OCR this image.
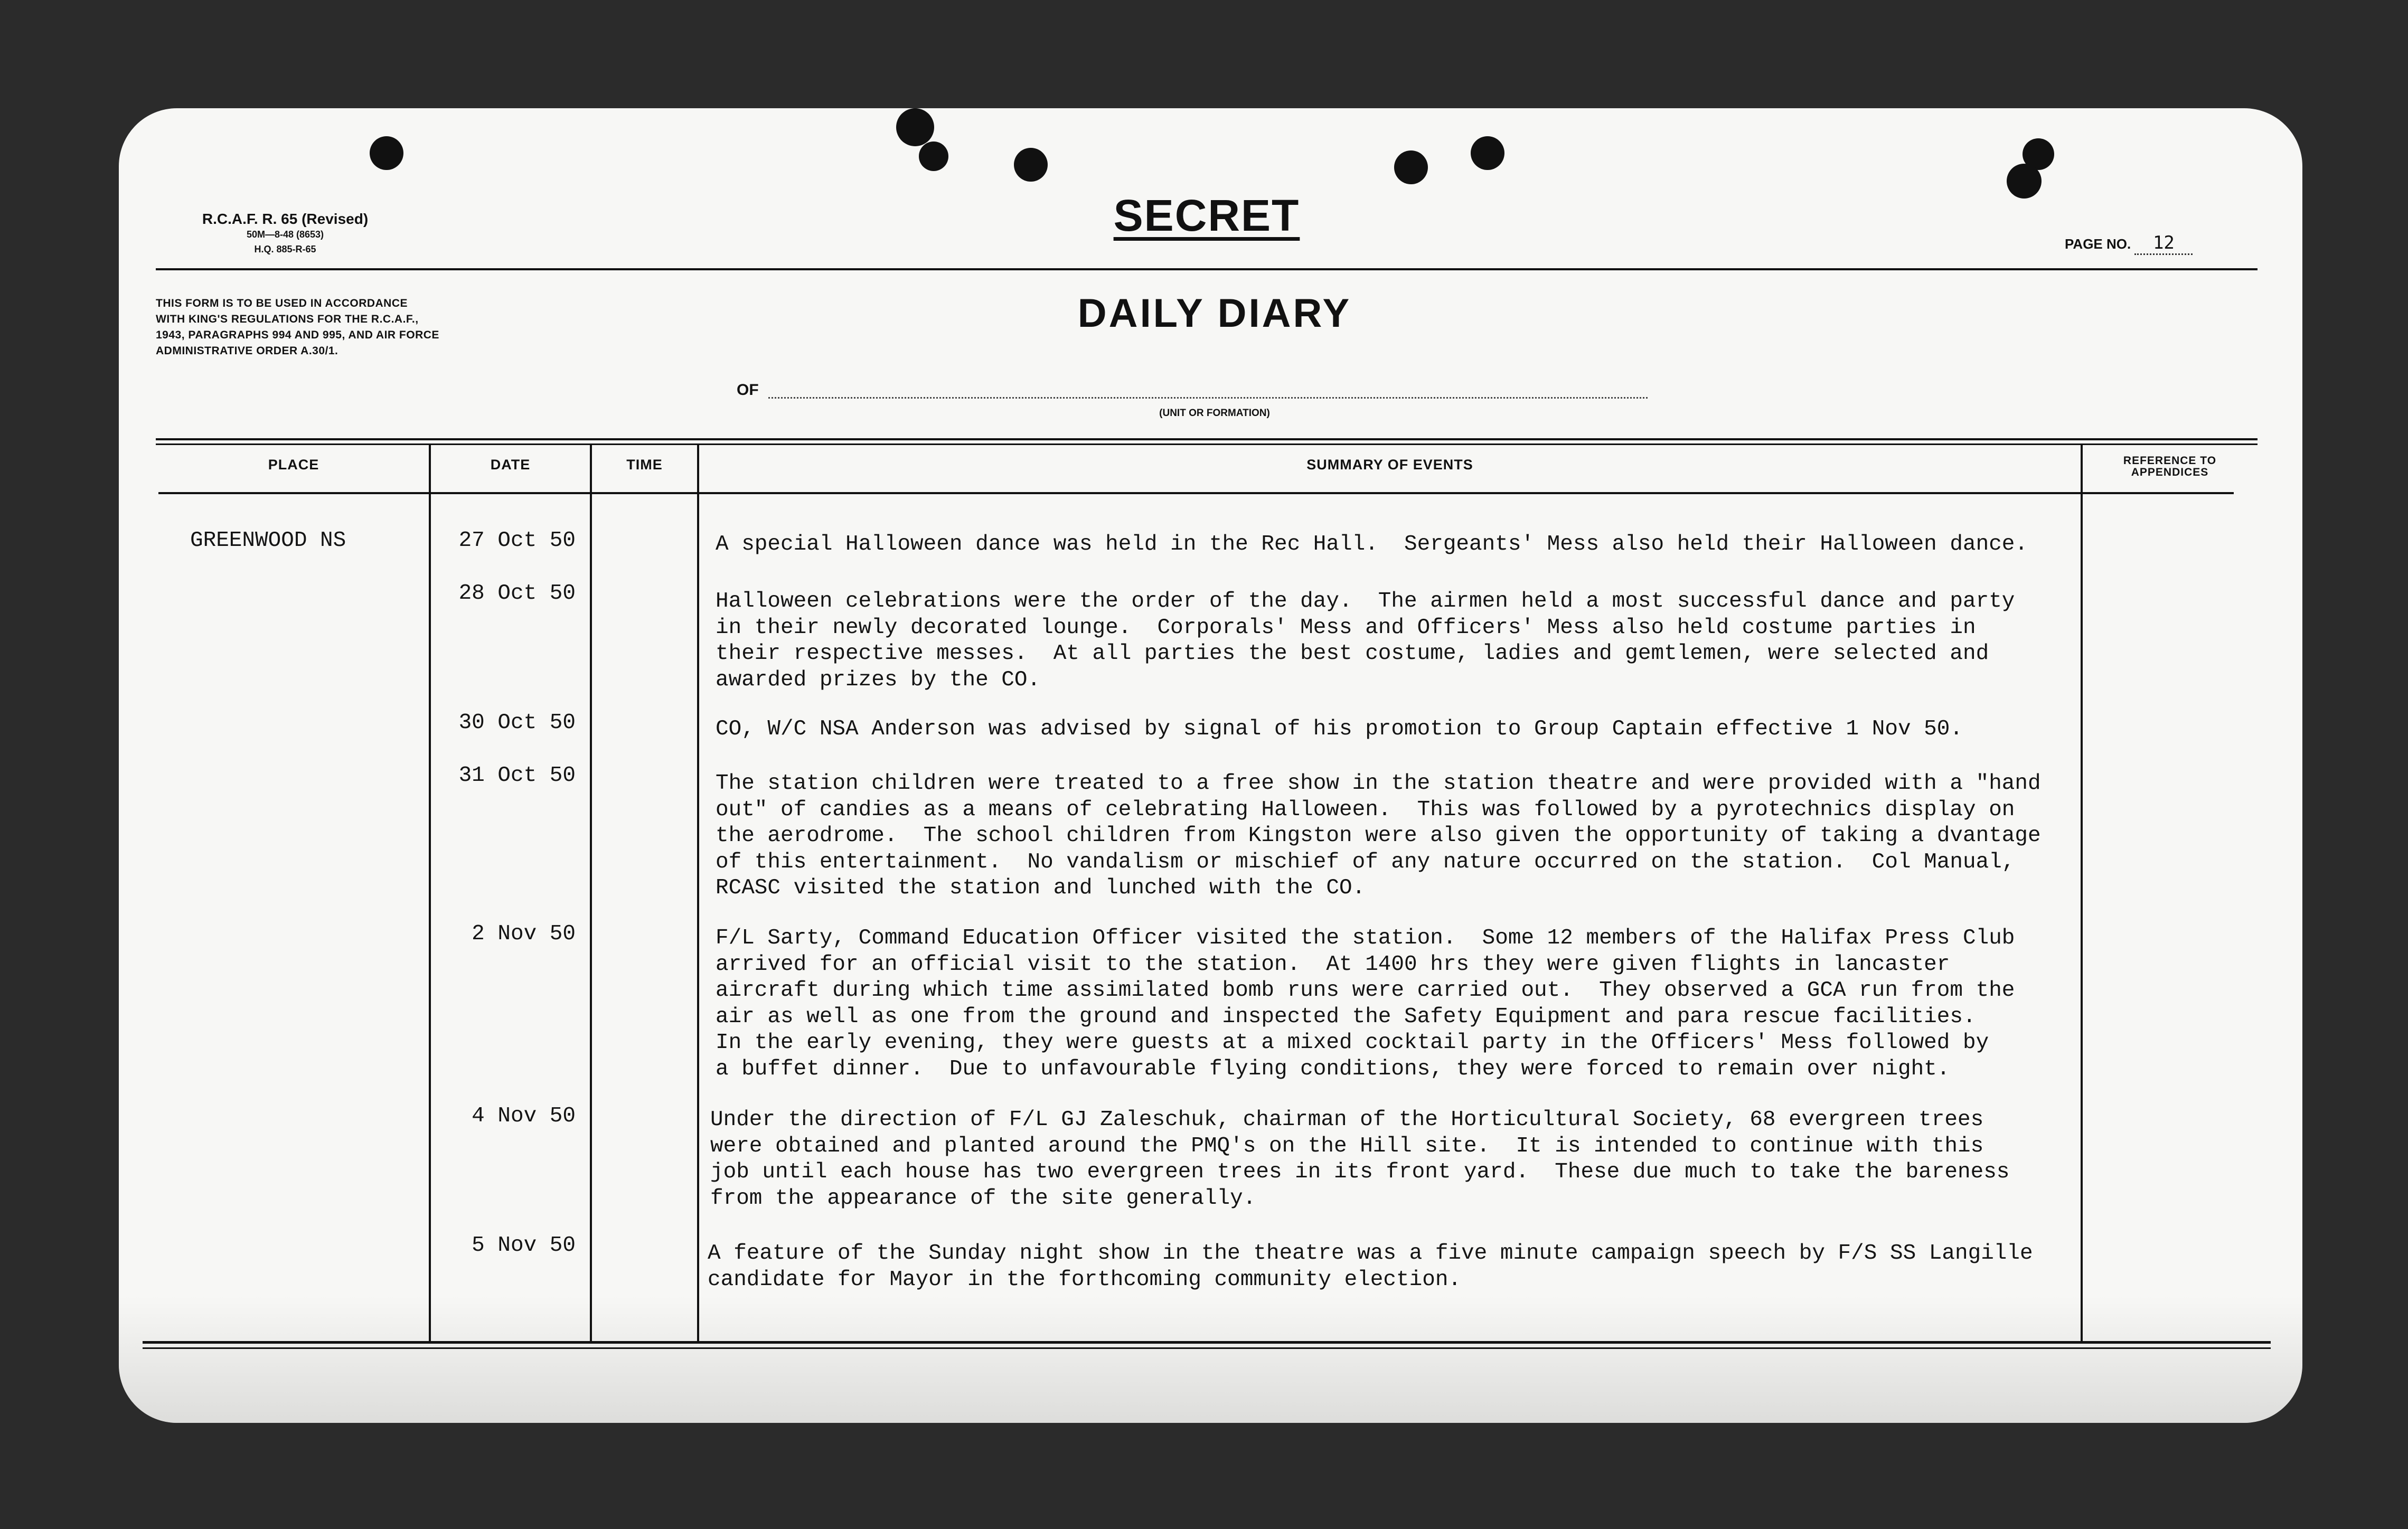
R.C.A.F. R. 65 (Revised)
50M—8-48 (8653)
H.Q. 885-R-65
SECRET
PAGE NO. 12
THIS FORM IS TO BE USED IN ACCORDANCE
WITH KING'S REGULATIONS FOR THE R.C.A.F.,
1943, PARAGRAPHS 994 AND 995, AND AIR FORCE
ADMINISTRATIVE ORDER A.30/1.
DAILY DIARY
OF
(UNIT OR FORMATION)
PLACE	DATE	TIME	SUMMARY OF EVENTS	REFERENCE TO
APPENDICES
GREENWOOD NS	27 Oct 50	A special Halloween dance was held in the Rec Hall.  Sergeants' Mess also held their Halloween dance.
28 Oct 50	Halloween celebrations were the order of the day.  The airmen held a most successful dance and party
in their newly decorated lounge.  Corporals' Mess and Officers' Mess also held costume parties in
their respective messes.  At all parties the best costume, ladies and gemtlemen, were selected and
awarded prizes by the CO.
30 Oct 50	CO, W/C NSA Anderson was advised by signal of his promotion to Group Captain effective 1 Nov 50.
31 Oct 50	The station children were treated to a free show in the station theatre and were provided with a "hand
out" of candies as a means of celebrating Halloween.  This was followed by a pyrotechnics display on
the aerodrome.  The school children from Kingston were also given the opportunity of taking a dvantage
of this entertainment.  No vandalism or mischief of any nature occurred on the station.  Col Manual,
RCASC visited the station and lunched with the CO.
2 Nov 50	F/L Sarty, Command Education Officer visited the station.  Some 12 members of the Halifax Press Club
arrived for an official visit to the station.  At 1400 hrs they were given flights in lancaster
aircraft during which time assimilated bomb runs were carried out.  They observed a GCA run from the
air as well as one from the ground and inspected the Safety Equipment and para rescue facilities.
In the early evening, they were guests at a mixed cocktail party in the Officers' Mess followed by
a buffet dinner.  Due to unfavourable flying conditions, they were forced to remain over night.
4 Nov 50	Under the direction of F/L GJ Zaleschuk, chairman of the Horticultural Society, 68 evergreen trees
were obtained and planted around the PMQ's on the Hill site.  It is intended to continue with this
job until each house has two evergreen trees in its front yard.  These due much to take the bareness
from the appearance of the site generally.
5 Nov 50	A feature of the Sunday night show in the theatre was a five minute campaign speech by F/S SS Langille
candidate for Mayor in the forthcoming community election.
